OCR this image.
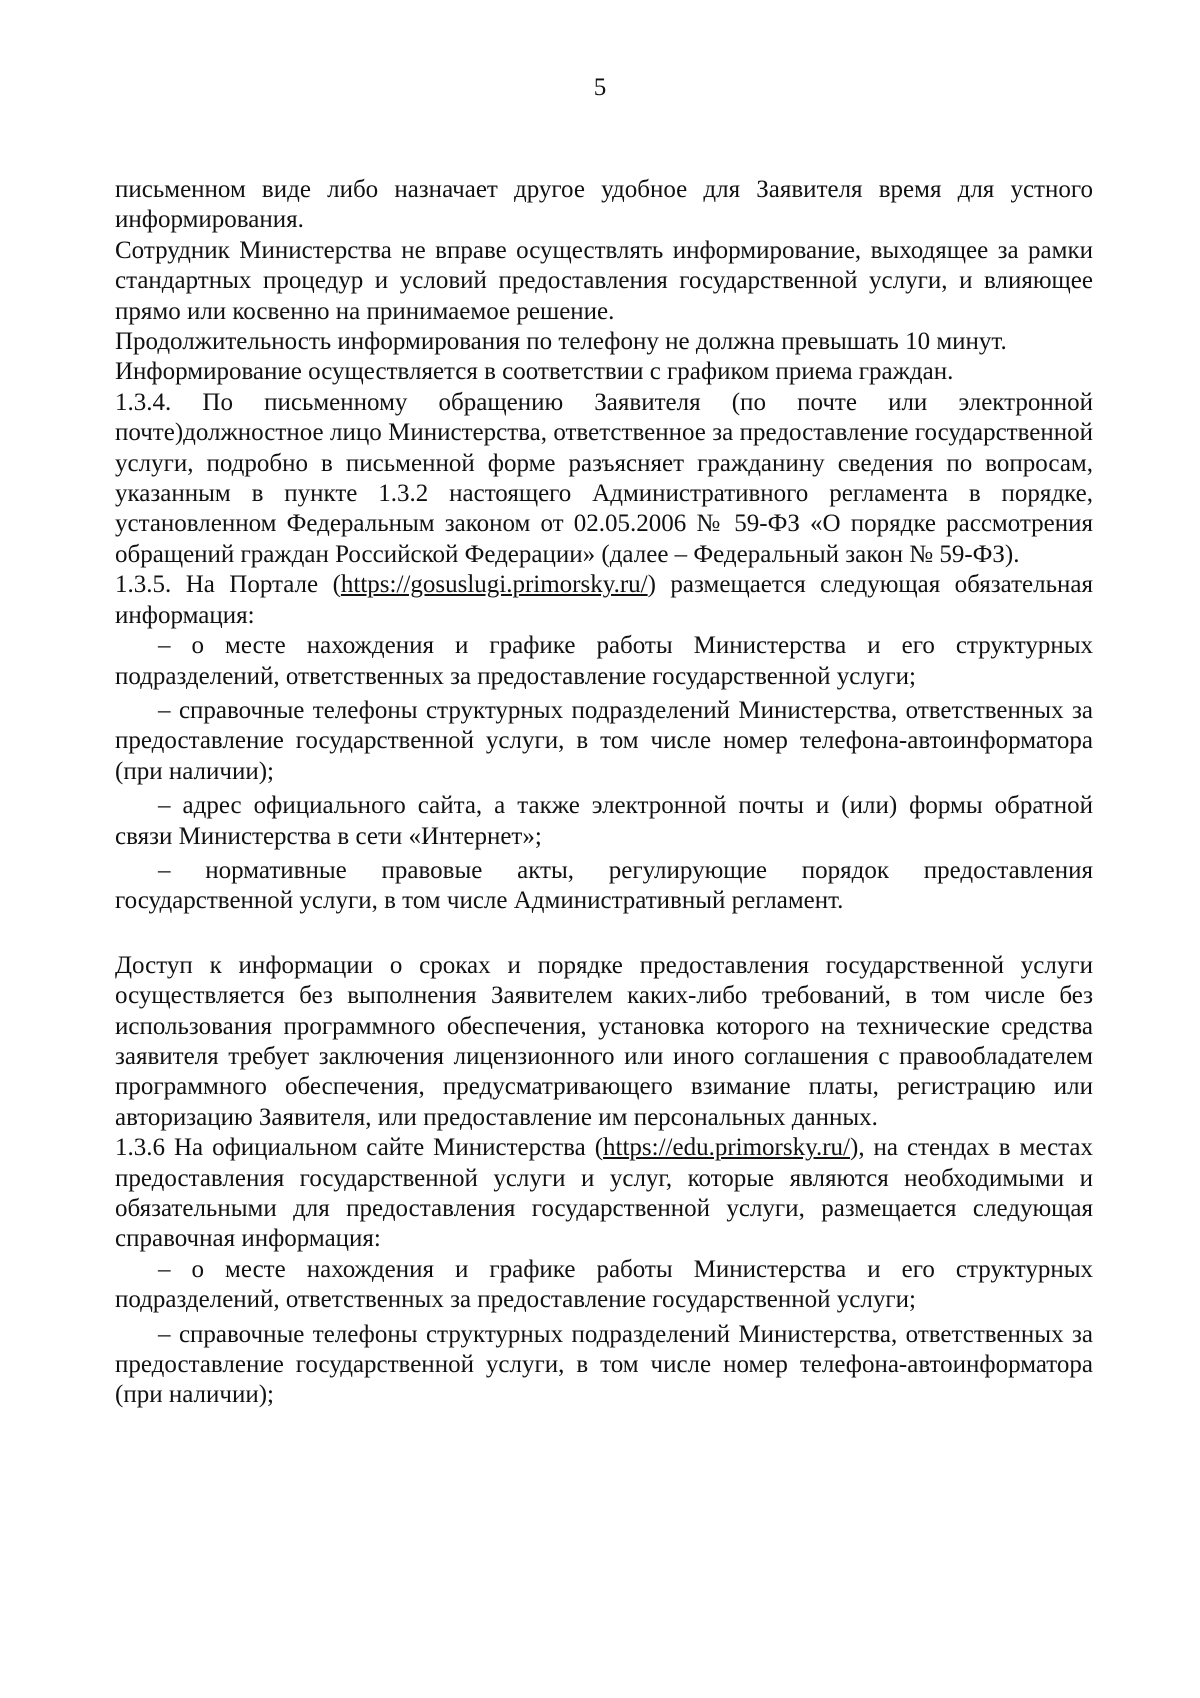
5

письменном виде либо назначает другое удобное для Заявителя время для устного информирования.

Сотрудник Министерства не вправе осуществлять информирование, выходящее за рамки стандартных процедур и условий предоставления государственной услуги, и влияющее прямо или косвенно на принимаемое решение.

Продолжительность информирования по телефону не должна превышать 10 минут.

Информирование осуществляется в соответствии с графиком приема граждан.

1.3.4. По письменному обращению Заявителя (по почте или электронной почте)должностное лицо Министерства, ответственное за предоставление государственной услуги, подробно в письменной форме разъясняет гражданину сведения по вопросам, указанным в пункте 1.3.2 настоящего Административного регламента в порядке, установленном Федеральным законом от 02.05.2006 № 59-ФЗ «О порядке рассмотрения обращений граждан Российской Федерации» (далее – Федеральный закон № 59-ФЗ).

1.3.5. На Портале (https://gosuslugi.primorsky.ru/) размещается следующая обязательная информация:

– о месте нахождения и графике работы Министерства и его структурных подразделений, ответственных за предоставление государственной услуги;

– справочные телефоны структурных подразделений Министерства, ответственных за предоставление государственной услуги, в том числе номер телефона-автоинформатора (при наличии);

– адрес официального сайта, а также электронной почты и (или) формы обратной связи Министерства в сети «Интернет»;

– нормативные правовые акты, регулирующие порядок предоставления государственной услуги, в том числе Административный регламент.

Доступ к информации о сроках и порядке предоставления государственной услуги осуществляется без выполнения Заявителем каких-либо требований, в том числе без использования программного обеспечения, установка которого на технические средства заявителя требует заключения лицензионного или иного соглашения с правообладателем программного обеспечения, предусматривающего взимание платы, регистрацию или авторизацию Заявителя, или предоставление им персональных данных.

1.3.6 На официальном сайте Министерства (https://edu.primorsky.ru/), на стендах в местах предоставления государственной услуги и услуг, которые являются необходимыми и обязательными для предоставления государственной услуги, размещается следующая справочная информация:

– о месте нахождения и графике работы Министерства и его структурных подразделений, ответственных за предоставление государственной услуги;

– справочные телефоны структурных подразделений Министерства, ответственных за предоставление государственной услуги, в том числе номер телефона-автоинформатора (при наличии);
